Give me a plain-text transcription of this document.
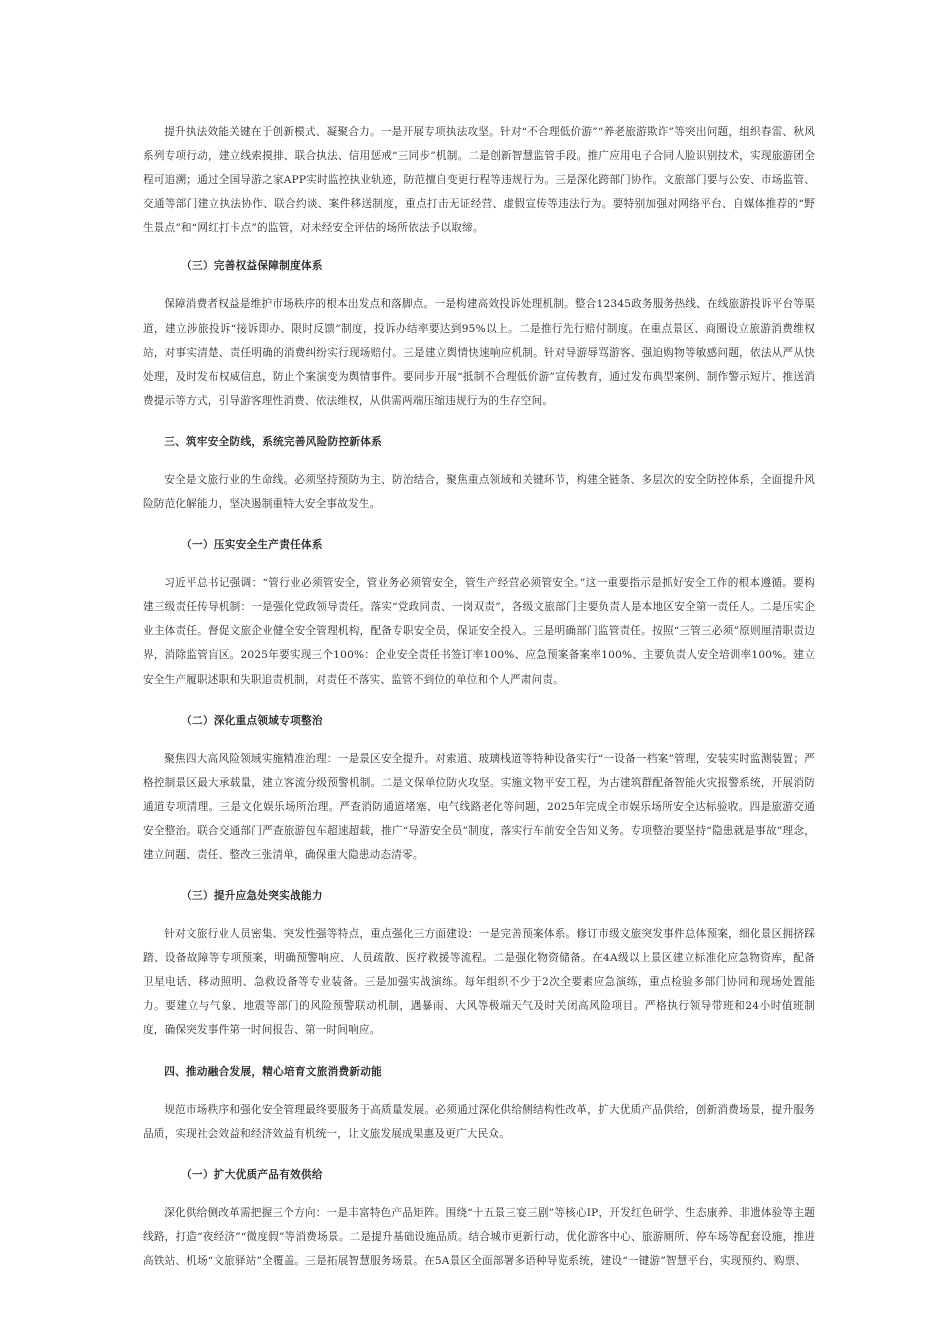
提升执法效能关键在于创新模式、凝聚合力。一是开展专项执法攻坚。针对“不合理低价游”“养老旅游欺诈”等突出问题，组织春雷、秋风系列专项行动，建立线索摸排、联合执法、信用惩戒“三同步”机制。二是创新智慧监管手段。推广应用电子合同人脸识别技术，实现旅游团全程可追溯；通过全国导游之家APP实时监控执业轨迹，防范擅自变更行程等违规行为。三是深化跨部门协作。文旅部门要与公安、市场监管、交通等部门建立执法协作、联合约谈、案件移送制度，重点打击无证经营、虚假宣传等违法行为。要特别加强对网络平台、自媒体推荐的“野生景点”和“网红打卡点”的监管，对未经安全评估的场所依法予以取缔。

（三）完善权益保障制度体系

保障消费者权益是维护市场秩序的根本出发点和落脚点。一是构建高效投诉处理机制。整合12345政务服务热线、在线旅游投诉平台等渠道，建立涉旅投诉“接诉即办、限时反馈”制度，投诉办结率要达到95%以上。二是推行先行赔付制度。在重点景区、商圈设立旅游消费维权站，对事实清楚、责任明确的消费纠纷实行现场赔付。三是建立舆情快速响应机制。针对导游辱骂游客、强迫购物等敏感问题，依法从严从快处理，及时发布权威信息，防止个案演变为舆情事件。要同步开展“抵制不合理低价游”宣传教育，通过发布典型案例、制作警示短片、推送消费提示等方式，引导游客理性消费、依法维权，从供需两端压缩违规行为的生存空间。

三、筑牢安全防线，系统完善风险防控新体系

安全是文旅行业的生命线。必须坚持预防为主、防治结合，聚焦重点领域和关键环节，构建全链条、多层次的安全防控体系，全面提升风险防范化解能力，坚决遏制重特大安全事故发生。

（一）压实安全生产责任体系

习近平总书记强调：“管行业必须管安全，管业务必须管安全，管生产经营必须管安全。”这一重要指示是抓好安全工作的根本遵循。要构建三级责任传导机制：一是强化党政领导责任。落实“党政同责、一岗双责”，各级文旅部门主要负责人是本地区安全第一责任人。二是压实企业主体责任。督促文旅企业健全安全管理机构，配备专职安全员，保证安全投入。三是明确部门监管责任。按照“三管三必须”原则厘清职责边界，消除监管盲区。2025年要实现三个100%：企业安全责任书签订率100%、应急预案备案率100%、主要负责人安全培训率100%。建立安全生产履职述职和失职追责机制，对责任不落实、监管不到位的单位和个人严肃问责。

（二）深化重点领域专项整治

聚焦四大高风险领域实施精准治理：一是景区安全提升。对索道、玻璃栈道等特种设备实行“一设备一档案”管理，安装实时监测装置；严格控制景区最大承载量，建立客流分级预警机制。二是文保单位防火攻坚。实施文物平安工程，为古建筑群配备智能火灾报警系统，开展消防通道专项清理。三是文化娱乐场所治理。严查消防通道堵塞、电气线路老化等问题，2025年完成全市娱乐场所安全达标验收。四是旅游交通安全整治。联合交通部门严查旅游包车超速超载，推广“导游安全员”制度，落实行车前安全告知义务。专项整治要坚持“隐患就是事故”理念，建立问题、责任、整改三张清单，确保重大隐患动态清零。

（三）提升应急处突实战能力

针对文旅行业人员密集、突发性强等特点，重点强化三方面建设：一是完善预案体系。修订市级文旅突发事件总体预案，细化景区拥挤踩踏、设备故障等专项预案，明确预警响应、人员疏散、医疗救援等流程。二是强化物资储备。在4A级以上景区建立标准化应急物资库，配备卫星电话、移动照明、急救设备等专业装备。三是加强实战演练。每年组织不少于2次全要素应急演练，重点检验多部门协同和现场处置能力。要建立与气象、地震等部门的风险预警联动机制，遇暴雨、大风等极端天气及时关闭高风险项目。严格执行领导带班和24小时值班制度，确保突发事件第一时间报告、第一时间响应。

四、推动融合发展，精心培育文旅消费新动能

规范市场秩序和强化安全管理最终要服务于高质量发展。必须通过深化供给侧结构性改革，扩大优质产品供给，创新消费场景，提升服务品质，实现社会效益和经济效益有机统一，让文旅发展成果惠及更广大民众。

（一）扩大优质产品有效供给

深化供给侧改革需把握三个方向：一是丰富特色产品矩阵。围绕“十五景三宴三剧”等核心IP，开发红色研学、生态康养、非遗体验等主题线路，打造“夜经济”“微度假”等消费场景。二是提升基础设施品质。结合城市更新行动，优化游客中心、旅游厕所、停车场等配套设施，推进高铁站、机场“文旅驿站”全覆盖。三是拓展智慧服务场景。在5A景区全面部署多语种导览系统，建设“一键游”智慧平台，实现预约、购票、
